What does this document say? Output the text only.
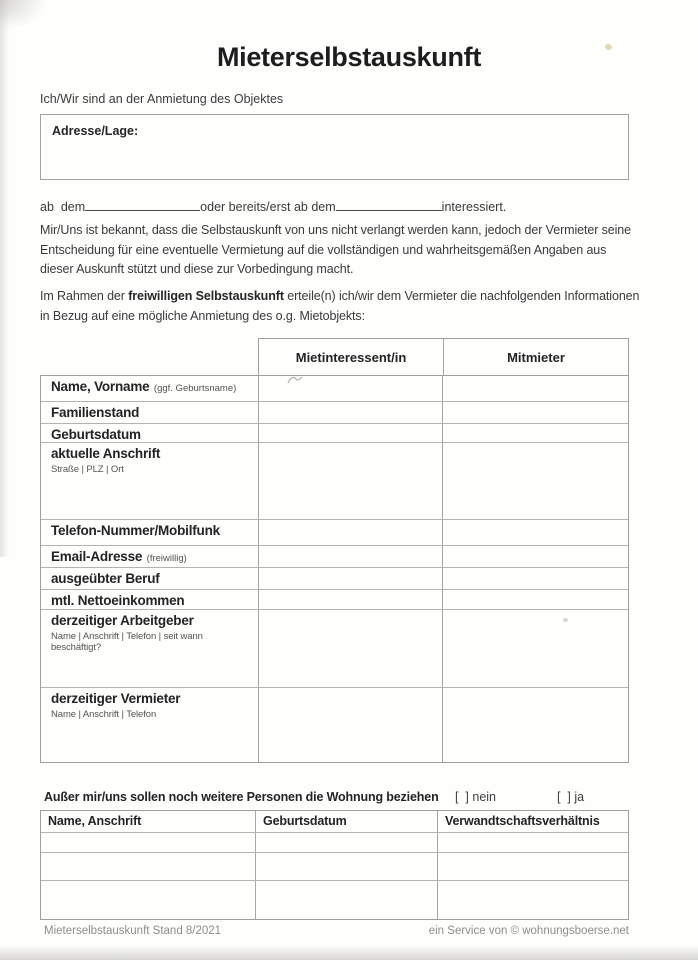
Mieterselbstauskunft
Ich/Wir sind an der Anmietung des Objektes
Adresse/Lage:
ab  dem	oder bereits/erst ab dem	interessiert.

Mir/Uns ist bekannt, dass die Selbstauskunft von uns nicht verlangt werden kann, jedoch der Vermieter seine Entscheidung für eine eventuelle Vermietung auf die vollständigen und wahrheitsgemäßen Angaben aus dieser Auskunft stützt und diese zur Vorbedingung macht.

Im Rahmen der freiwilligen Selbstauskunft erteile(n) ich/wir dem Vermieter die nachfolgenden Informationen in Bezug auf eine mögliche Anmietung des o.g. Mietobjekts:

Mietinteressent/in	Mitmieter
Name, Vorname (ggf. Geburtsname)
Familienstand
Geburtsdatum
aktuelle Anschrift
Straße | PLZ | Ort
Telefon-Nummer/Mobilfunk
Email-Adresse (freiwillig)
ausgeübter Beruf
mtl. Nettoeinkommen
derzeitiger Arbeitgeber
Name | Anschrift | Telefon | seit wann beschäftigt?
derzeitiger Vermieter
Name | Anschrift | Telefon
Außer mir/uns sollen noch weitere Personen die Wohnung beziehen [  ] nein	[  ] ja
Name, Anschrift	Geburtsdatum	Verwandtschaftsverhältnis
Mieterselbstauskunft Stand 8/2021	ein Service von © wohnungsboerse.net
